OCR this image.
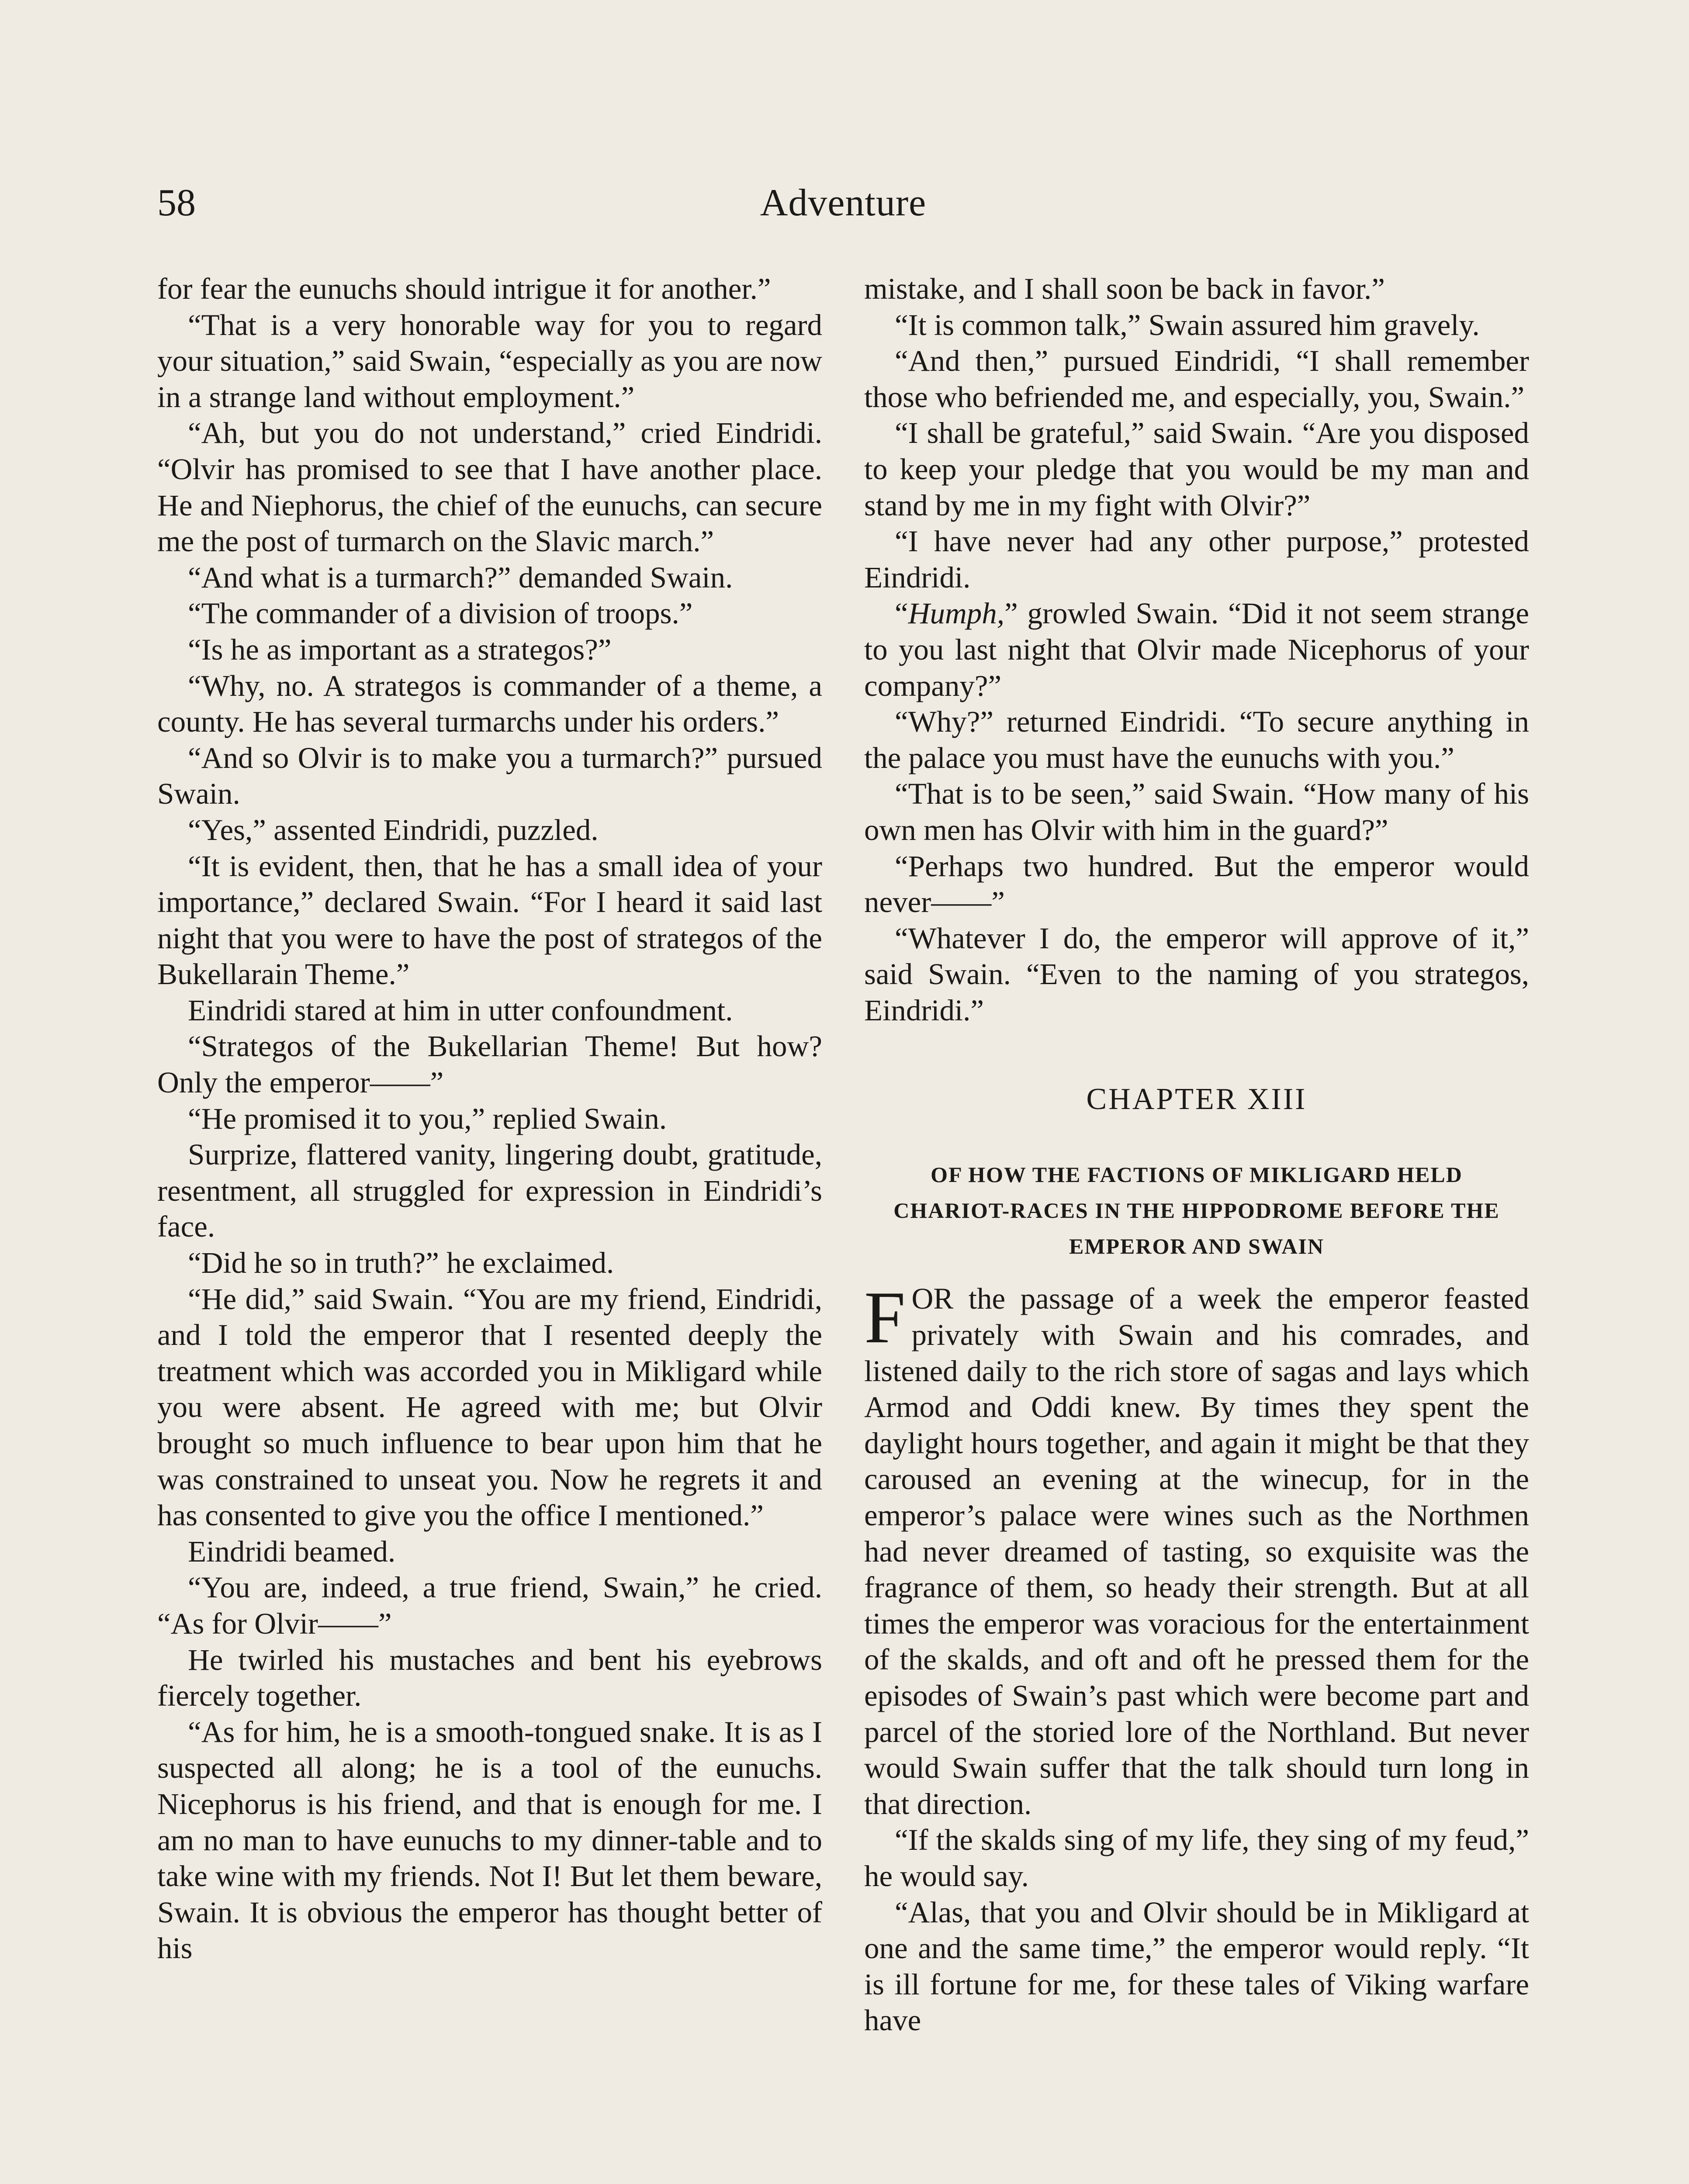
58	Adventure

for fear the eunuchs should intrigue it for another.”

“That is a very honorable way for you to regard your situation,” said Swain, “especially as you are now in a strange land without employment.”

“Ah, but you do not understand,” cried Eindridi. “Olvir has promised to see that I have another place. He and Niephorus, the chief of the eunuchs, can secure me the post of turmarch on the Slavic march.”

“And what is a turmarch?” demanded Swain.

“The commander of a division of troops.”

“Is he as important as a strategos?”

“Why, no. A strategos is commander of a theme, a county. He has several turmarchs under his orders.”

“And so Olvir is to make you a turmarch?” pursued Swain.

“Yes,” assented Eindridi, puzzled.

“It is evident, then, that he has a small idea of your importance,” declared Swain. “For I heard it said last night that you were to have the post of strategos of the Bukellarain Theme.”

Eindridi stared at him in utter confoundment.

“Strategos of the Bukellarian Theme! But how? Only the emperor——”

“He promised it to you,” replied Swain.

Surprize, flattered vanity, lingering doubt, gratitude, resentment, all struggled for expression in Eindridi’s face.

“Did he so in truth?” he exclaimed.

“He did,” said Swain. “You are my friend, Eindridi, and I told the emperor that I resented deeply the treatment which was accorded you in Mikligard while you were absent. He agreed with me; but Olvir brought so much influence to bear upon him that he was constrained to unseat you. Now he regrets it and has consented to give you the office I mentioned.”

Eindridi beamed.

“You are, indeed, a true friend, Swain,” he cried. “As for Olvir——”

He twirled his mustaches and bent his eyebrows fiercely together.

“As for him, he is a smooth-tongued snake. It is as I suspected all along; he is a tool of the eunuchs. Nicephorus is his friend, and that is enough for me. I am no man to have eunuchs to my dinner-table and to take wine with my friends. Not I! But let them beware, Swain. It is obvious the emperor has thought better of his

mistake, and I shall soon be back in favor.”

“It is common talk,” Swain assured him gravely.

“And then,” pursued Eindridi, “I shall remember those who befriended me, and especially, you, Swain.”

“I shall be grateful,” said Swain. “Are you disposed to keep your pledge that you would be my man and stand by me in my fight with Olvir?”

“I have never had any other purpose,” protested Eindridi.

“Humph,” growled Swain. “Did it not seem strange to you last night that Olvir made Nicephorus of your company?”

“Why?” returned Eindridi. “To secure anything in the palace you must have the eunuchs with you.”

“That is to be seen,” said Swain. “How many of his own men has Olvir with him in the guard?”

“Perhaps two hundred. But the emperor would never——”

“Whatever I do, the emperor will approve of it,” said Swain. “Even to the naming of you strategos, Eindridi.”

CHAPTER XIII
OF HOW THE FACTIONS OF MIKLIGARD HELD CHARIOT-RACES IN THE HIPPODROME BEFORE THE EMPEROR AND SWAIN

FOR the passage of a week the emperor feasted privately with Swain and his comrades, and listened daily to the rich store of sagas and lays which Armod and Oddi knew. By times they spent the daylight hours together, and again it might be that they caroused an evening at the winecup, for in the emperor’s palace were wines such as the Northmen had never dreamed of tasting, so exquisite was the fragrance of them, so heady their strength. But at all times the emperor was voracious for the entertainment of the skalds, and oft and oft he pressed them for the episodes of Swain’s past which were become part and parcel of the storied lore of the Northland. But never would Swain suffer that the talk should turn long in that direction.

“If the skalds sing of my life, they sing of my feud,” he would say.

“Alas, that you and Olvir should be in Mikligard at one and the same time,” the emperor would reply. “It is ill fortune for me, for these tales of Viking warfare have
